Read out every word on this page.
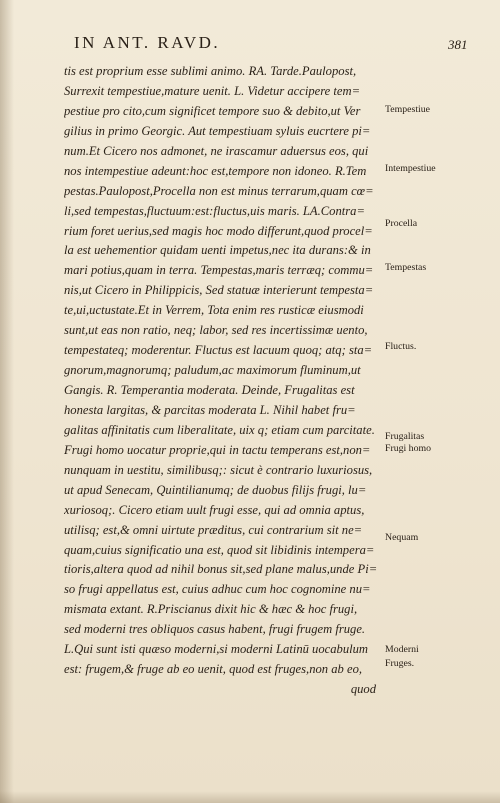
IN ANT. RAVD.	381
tis est proprium esse sublimi animo. RA. Tarde.Paulopost,
Surrexit tempestiue,mature uenit. L. Videtur accipere tem=
pestiue pro cito,cum significet tempore suo & debito,ut Ver
gilius in primo Georgic. Aut tempestiuam syluis eucrtere pi=
num.Et Cicero nos admonet, ne irascamur aduersus eos, qui
nos intempestiue adeunt:hoc est,tempore non idoneo. R.Tem
pestas.Paulopost,Procella non est minus terrarum,quam cœ=
li,sed tempestas,fluctuum:est:fluctus,uis maris. LA.Contra=
rium foret uerius,sed magis hoc modo differunt,quod procel=
la est uehementior quidam uenti impetus,nec ita durans:& in
mari potius,quam in terra. Tempestas,maris terræq; commu=
nis,ut Cicero in Philippicis, Sed statuæ interierunt tempesta=
te,ui,uctustate.Et in Verrem, Tota enim res rusticæ eiusmodi
sunt,ut eas non ratio, neq; labor, sed res incertissimæ uento,
tempestateq; moderentur. Fluctus est lacuum quoq; atq; sta=
gnorum,magnorumq; paludum,ac maximorum fluminum,ut
Gangis. R. Temperantia moderata. Deinde, Frugalitas est
honesta largitas, & parcitas moderata L. Nihil habet fru=
galitas affinitatis cum liberalitate, uix q; etiam cum parcitate.
Frugi homo uocatur proprie,qui in tactu temperans est,non=
nunquam in uestitu, similibusq;: sicut è contrario luxuriosus,
ut apud Senecam, Quintilianumq; de duobus filijs frugi, lu=
xuriosoq;. Cicero etiam uult frugi esse, qui ad omnia aptus,
utilisq; est,& omni uirtute præditus, cui contrarium sit ne=
quam,cuius significatio una est, quod sit libidinis intempera=
tioris,altera quod ad nihil bonus sit,sed plane malus,unde Pi=
so frugi appellatus est, cuius adhuc cum hoc cognomine nu=
mismata extant. R.Priscianus dixit hic & hæc & hoc frugi,
sed moderni tres obliquos casus habent, frugi frugem fruge.
L.Qui sunt isti quæso moderni,si moderni Latinū uocabulum
est: frugem,& fruge ab eo uenit, quod est fruges,non ab eo,
quod
Tempestiue
Intempestiue
Procella
Tempestas
Fluctus.
Frugalitas
Frugi homo
Nequam
Moderni
Fruges.
